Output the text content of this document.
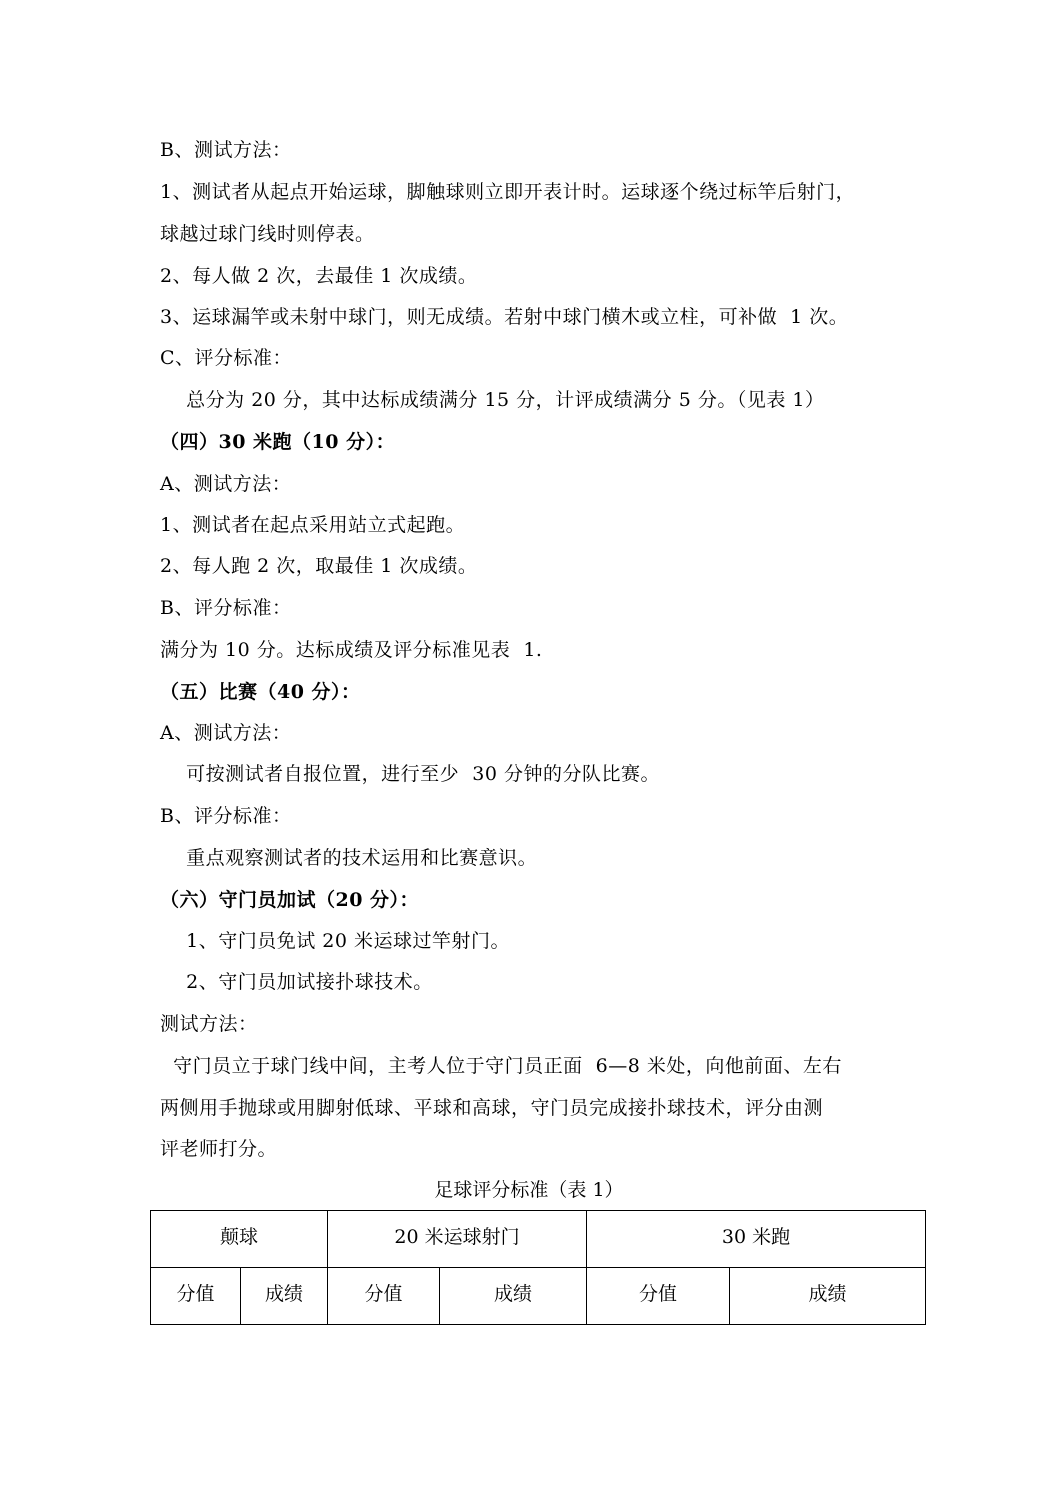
B、测试方法：
1、测试者从起点开始运球，脚触球则立即开表计时。运球逐个绕过标竿后射门，
球越过球门线时则停表。
2、每人做 2 次，去最佳 1 次成绩。
3、运球漏竿或未射中球门，则无成绩。若射中球门横木或立柱，可补做  1 次。
C、评分标准：
总分为 20 分，其中达标成绩满分 15 分，计评成绩满分 5 分。（见表 1）
（四）30 米跑（10 分）：
A、测试方法：
1、测试者在起点采用站立式起跑。
2、每人跑 2 次，取最佳 1 次成绩。
B、评分标准：
满分为 10 分。达标成绩及评分标准见表  1.
（五）比赛（40 分）：
A、测试方法：
可按测试者自报位置，进行至少  30 分钟的分队比赛。
B、评分标准：
重点观察测试者的技术运用和比赛意识。
（六）守门员加试（20 分）：
1、守门员免试 20 米运球过竿射门。
2、守门员加试接扑球技术。
测试方法：
守门员立于球门线中间，主考人位于守门员正面  6—8 米处，向他前面、左右
两侧用手抛球或用脚射低球、平球和高球，守门员完成接扑球技术，评分由测
评老师打分。
足球评分标准（表 1）
颠球		20 米运球射门		30 米跑	
分值	成绩	分值	成绩	分值	成绩
